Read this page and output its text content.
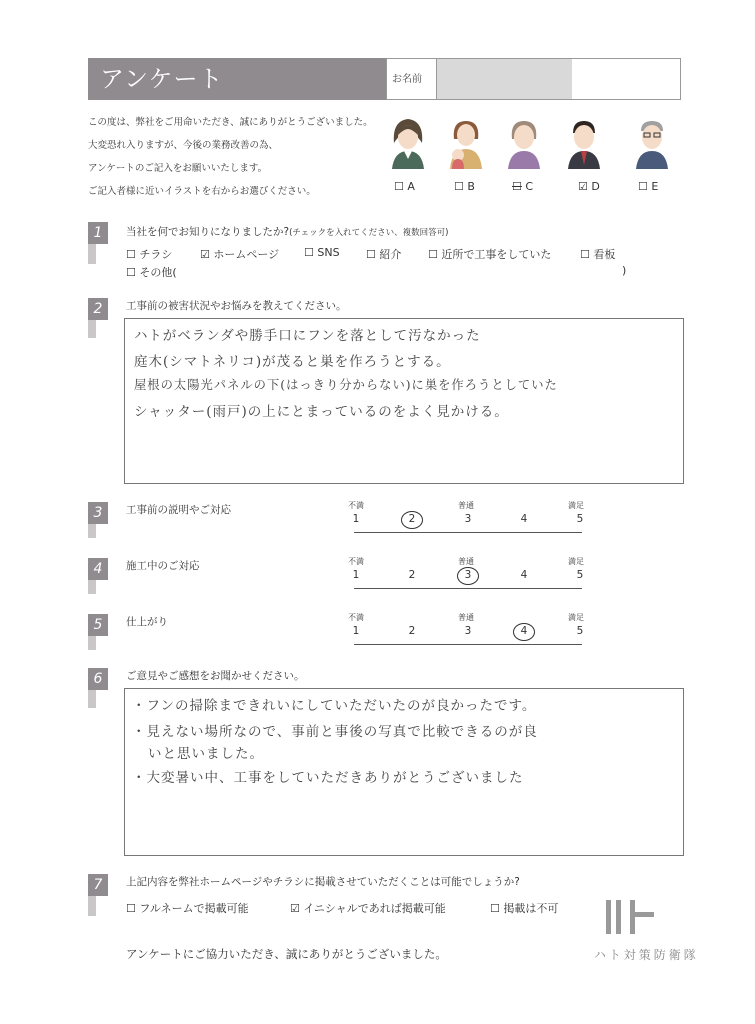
アンケート	お名前
この度は、弊社をご用命いただき、誠にありがとうございました。
大変恐れ入りますが、今後の業務改善の為、
アンケートのご記入をお願いいたします。
ご記入者様に近いイラストを右からお選びください。	☐ A	☐ B	☐ C	☑ D	☐ E
1	当社を何でお知りになりましたか?(チェックを入れてください、複数回答可)
☐ チラシ	☑ ホームページ ☐ SNS ☐ 紹介 ☐ 近所で工事をしていた	☐ 看板
☐ その他(	)
2	工事前の被害状況やお悩みを教えてください。
ハトがベランダや勝手口にフンを落として汚なかった
庭木(シマトネリコ)が茂ると巣を作ろうとする。
屋根の太陽光パネルの下(はっきり分からない)に巣を作ろうとしていた
シャッター(雨戸)の上にとまっているのをよく見かける。
3	工事前の説明やご対応	不満	普通	満足
1	2	3	4	5
4	施工中のご対応	不満	普通	満足
1	2	3	4	5
5	仕上がり	不満	普通	満足
1	2	3	4	5
6	ご意見やご感想をお聞かせください。
・フンの掃除まできれいにしていただいたのが良かったです。
・見えない場所なので、事前と事後の写真で比較できるのが良
いと思いました。
・大変暑い中、工事をしていただきありがとうございました
7	上記内容を弊社ホームページやチラシに掲載させていただくことは可能でしょうか?
☐ フルネームで掲載可能	☑ イニシャルであれば掲載可能	☐ 掲載は不可
アンケートにご協力いただき、誠にありがとうございました。	ハト対策防衛隊
